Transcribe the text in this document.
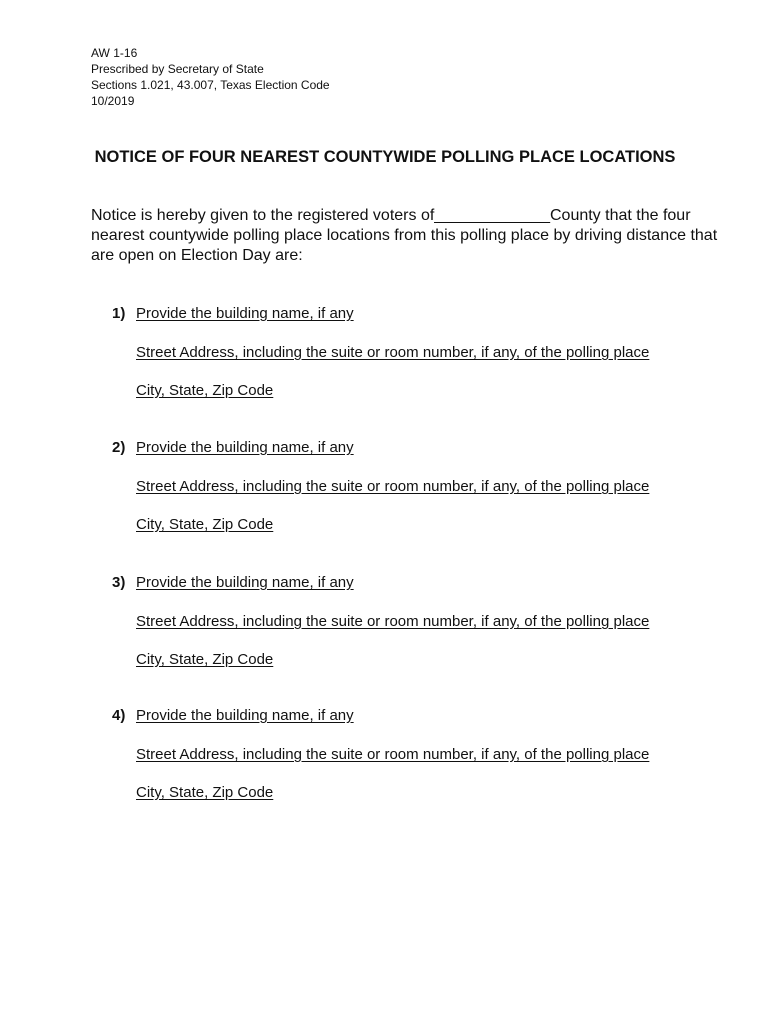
AW 1-16
Prescribed by Secretary of State
Sections 1.021, 43.007, Texas Election Code
10/2019
NOTICE OF FOUR NEAREST COUNTYWIDE POLLING PLACE LOCATIONS
Notice is hereby given to the registered voters of _____________ County that the four
nearest countywide polling place locations from this polling place by driving distance that
are open on Election Day are:
1) Provide the building name, if any
Street Address, including the suite or room number, if any, of the polling place
City, State, Zip Code
2) Provide the building name, if any
Street Address, including the suite or room number, if any, of the polling place
City, State, Zip Code
3) Provide the building name, if any
Street Address, including the suite or room number, if any, of the polling place
City, State, Zip Code
4) Provide the building name, if any
Street Address, including the suite or room number, if any, of the polling place
City, State, Zip Code
